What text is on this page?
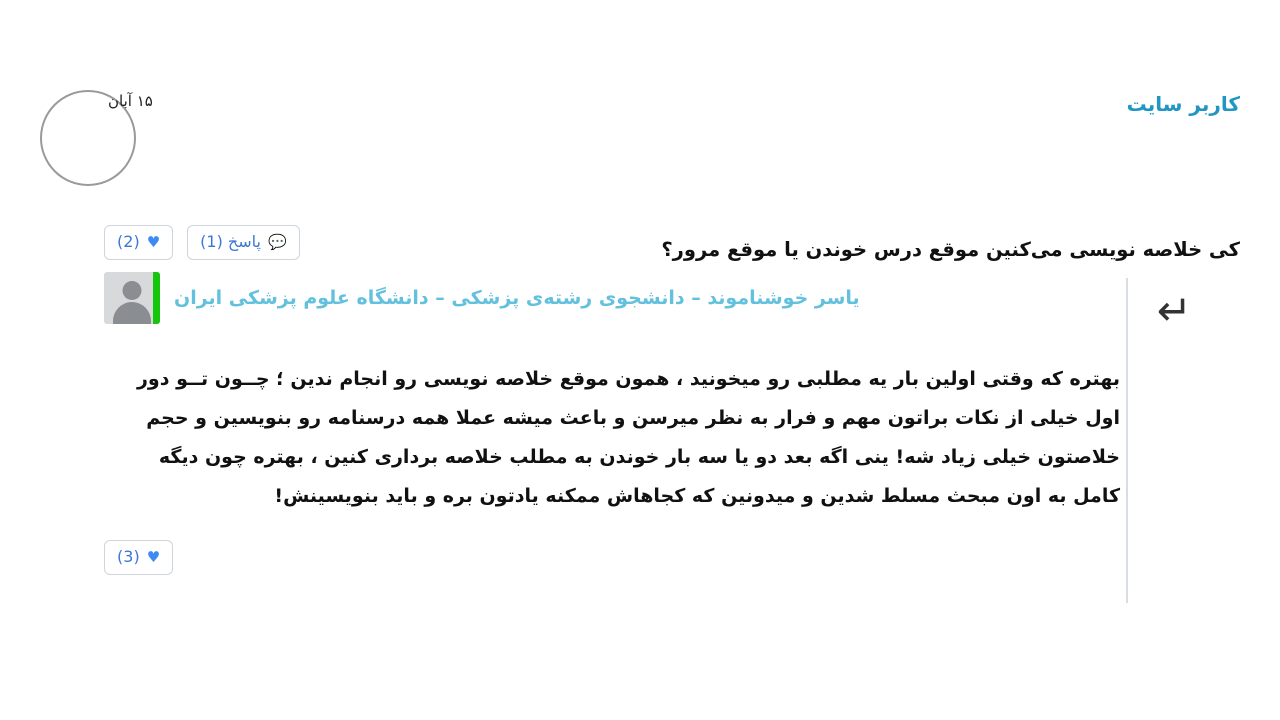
کاربر سایت
کی خلاصه نویسی می‌کنین موقع درس خوندن یا موقع مرور؟
۱۵ آبان
💬
پاسخ (1)
♥
(2)
↵
یاسر خوشناموند – دانشجوی رشته‌ی پزشکی – دانشگاه علوم پزشکی ایران
بهتره که وقتی اولین بار یه مطلبی رو میخونید ، همون موقع خلاصه نویسی رو انجام ندین ؛ چــون تــو دور اول خیلی از نکات براتون مهم و فرار به نظر میرسن و باعث میشه عملا همه درسنامه رو بنویسین و حجم خلاصتون خیلی زیاد شه! ینی اگه بعد دو یا سه بار خوندن به مطلب خلاصه برداری کنین ، بهتره چون دیگه کامل به اون مبحث مسلط شدین و میدونین که کجاهاش ممکنه یادتون بره و باید بنویسینش!
♥
(3)
